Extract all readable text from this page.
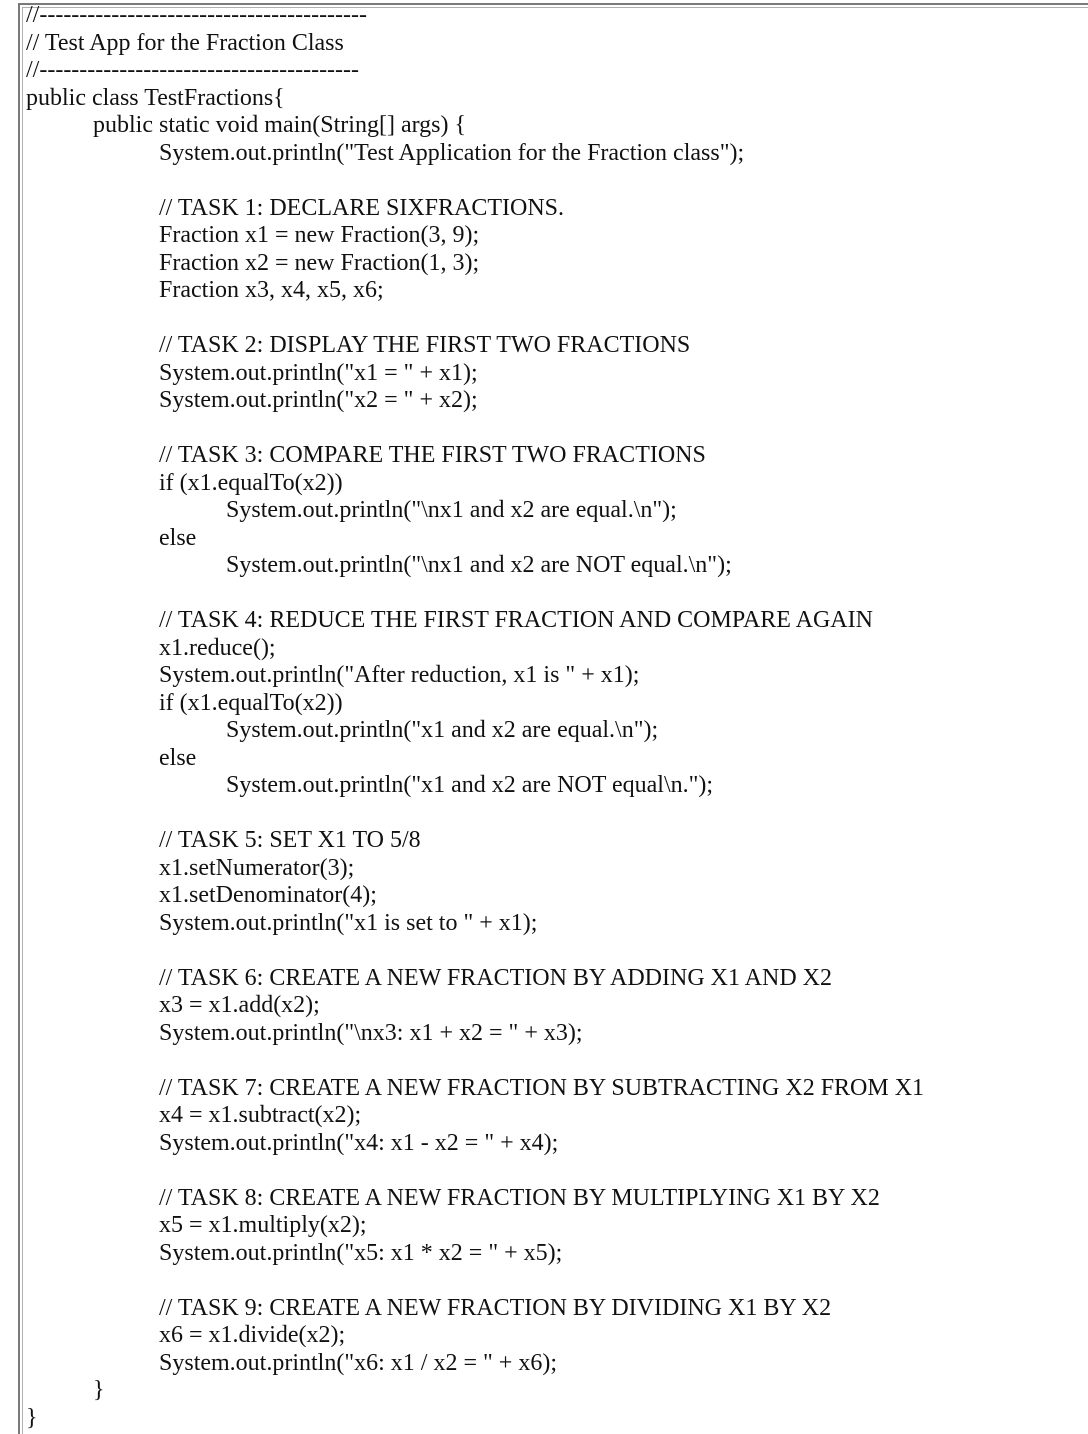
//-----------------------------------------
// Test App for the Fraction Class
//----------------------------------------
public class TestFractions{
public static void main(String[] args) {
System.out.println("Test Application for the Fraction class");
// TASK 1: DECLARE SIXFRACTIONS.
Fraction x1 = new Fraction(3, 9);
Fraction x2 = new Fraction(1, 3);
Fraction x3, x4, x5, x6;
// TASK 2: DISPLAY THE FIRST TWO FRACTIONS
System.out.println("x1 = " + x1);
System.out.println("x2 = " + x2);
// TASK 3: COMPARE THE FIRST TWO FRACTIONS
if (x1.equalTo(x2))
System.out.println("\nx1 and x2 are equal.\n");
else
System.out.println("\nx1 and x2 are NOT equal.\n");
// TASK 4: REDUCE THE FIRST FRACTION AND COMPARE AGAIN
x1.reduce();
System.out.println("After reduction, x1 is " + x1);
if (x1.equalTo(x2))
System.out.println("x1 and x2 are equal.\n");
else
System.out.println("x1 and x2 are NOT equal\n.");
// TASK 5: SET X1 TO 5/8
x1.setNumerator(3);
x1.setDenominator(4);
System.out.println("x1 is set to " + x1);
// TASK 6: CREATE A NEW FRACTION BY ADDING X1 AND X2
x3 = x1.add(x2);
System.out.println("\nx3: x1 + x2 = " + x3);
// TASK 7: CREATE A NEW FRACTION BY SUBTRACTING X2 FROM X1
x4 = x1.subtract(x2);
System.out.println("x4: x1 - x2 = " + x4);
// TASK 8: CREATE A NEW FRACTION BY MULTIPLYING X1 BY X2
x5 = x1.multiply(x2);
System.out.println("x5: x1 * x2 = " + x5);
// TASK 9: CREATE A NEW FRACTION BY DIVIDING X1 BY X2
x6 = x1.divide(x2);
System.out.println("x6: x1 / x2 = " + x6);
}
}
